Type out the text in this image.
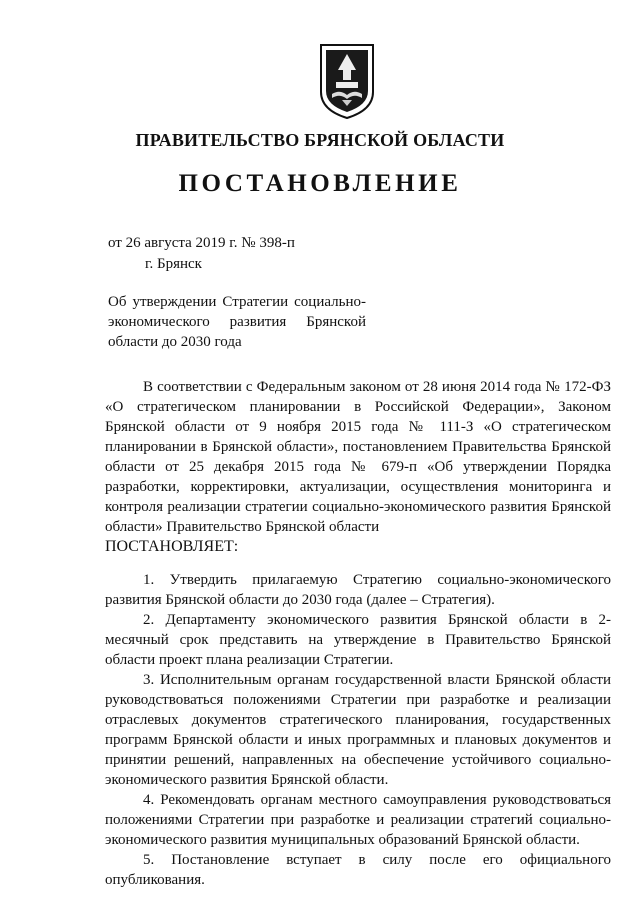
ПРАВИТЕЛЬСТВО БРЯНСКОЙ ОБЛАСТИ
ПОСТАНОВЛЕНИЕ
от 26 августа 2019 г. № 398-п
г. Брянск
Об утверждении Стратегии социально-экономического развития Брянской области до 2030 года

В соответствии с Федеральным законом от 28 июня 2014 года № 172-ФЗ «О стратегическом планировании в Российской Федерации», Законом Брянской области от 9 ноября 2015 года № 111-З «О стратегическом планировании в Брянской области», постановлением Правительства Брянской области от 25 декабря 2015 года № 679-п «Об утверждении Порядка разработки, корректировки, актуализации, осуществления мониторинга и контроля реализации стратегии социально-экономического развития Брянской области» Правительство Брянской области

ПОСТАНОВЛЯЕТ:

1. Утвердить прилагаемую Стратегию социально-экономического развития Брянской области до 2030 года (далее – Стратегия).

2. Департаменту экономического развития Брянской области в 2-месячный срок представить на утверждение в Правительство Брянской области проект плана реализации Стратегии.

3. Исполнительным органам государственной власти Брянской области руководствоваться положениями Стратегии при разработке и реализации отраслевых документов стратегического планирования, государственных программ Брянской области и иных программных и плановых документов и принятии решений, направленных на обеспечение устойчивого социально-экономического развития Брянской области.

4. Рекомендовать органам местного самоуправления руководствоваться положениями Стратегии при разработке и реализации стратегий социально-экономического развития муниципальных образований Брянской области.

5. Постановление вступает в силу после его официального опубликования.
